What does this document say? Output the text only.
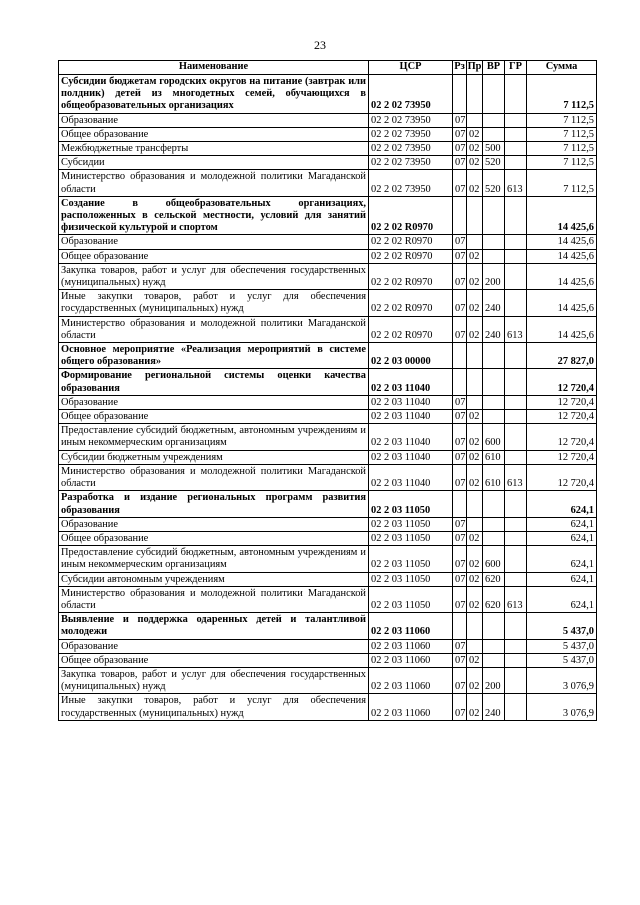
23
Наименование	ЦСР	Рз	Пр	ВР	ГР	Сумма
Субсидии бюджетам городских округов на питание (завтрак или полдник) детей из многодетных семей, обучающихся в общеобразовательных организациях	02 2 02 73950					7 112,5
Образование	02 2 02 73950	07				7 112,5
Общее образование	02 2 02 73950	07	02			7 112,5
Межбюджетные трансферты	02 2 02 73950	07	02	500		7 112,5
Субсидии	02 2 02 73950	07	02	520		7 112,5
Министерство образования и молодежной политики Магаданской области	02 2 02 73950	07	02	520	613	7 112,5
Создание в общеобразовательных организациях, расположенных в сельской местности, условий для занятий физической культурой и спортом	02 2 02 R0970					14 425,6
Образование	02 2 02 R0970	07				14 425,6
Общее образование	02 2 02 R0970	07	02			14 425,6
Закупка товаров, работ и услуг для обеспечения государственных (муниципальных) нужд	02 2 02 R0970	07	02	200		14 425,6
Иные закупки товаров, работ и услуг для обеспечения государственных (муниципальных) нужд	02 2 02 R0970	07	02	240		14 425,6
Министерство образования и молодежной политики Магаданской области	02 2 02 R0970	07	02	240	613	14 425,6
Основное мероприятие «Реализация мероприятий в системе общего образования»	02 2 03 00000					27 827,0
Формирование региональной системы оценки качества образования	02 2 03 11040					12 720,4
Образование	02 2 03 11040	07				12 720,4
Общее образование	02 2 03 11040	07	02			12 720,4
Предоставление субсидий бюджетным, автономным учреждениям и иным некоммерческим организациям	02 2 03 11040	07	02	600		12 720,4
Субсидии бюджетным учреждениям	02 2 03 11040	07	02	610		12 720,4
Министерство образования и молодежной политики Магаданской области	02 2 03 11040	07	02	610	613	12 720,4
Разработка и издание региональных программ развития образования	02 2 03 11050					624,1
Образование	02 2 03 11050	07				624,1
Общее образование	02 2 03 11050	07	02			624,1
Предоставление субсидий бюджетным, автономным учреждениям и иным некоммерческим организациям	02 2 03 11050	07	02	600		624,1
Субсидии автономным учреждениям	02 2 03 11050	07	02	620		624,1
Министерство образования и молодежной политики Магаданской области	02 2 03 11050	07	02	620	613	624,1
Выявление и поддержка одаренных детей и талантливой молодежи	02 2 03 11060					5 437,0
Образование	02 2 03 11060	07				5 437,0
Общее образование	02 2 03 11060	07	02			5 437,0
Закупка товаров, работ и услуг для обеспечения государственных (муниципальных) нужд	02 2 03 11060	07	02	200		3 076,9
Иные закупки товаров, работ и услуг для обеспечения государственных (муниципальных) нужд	02 2 03 11060	07	02	240		3 076,9
